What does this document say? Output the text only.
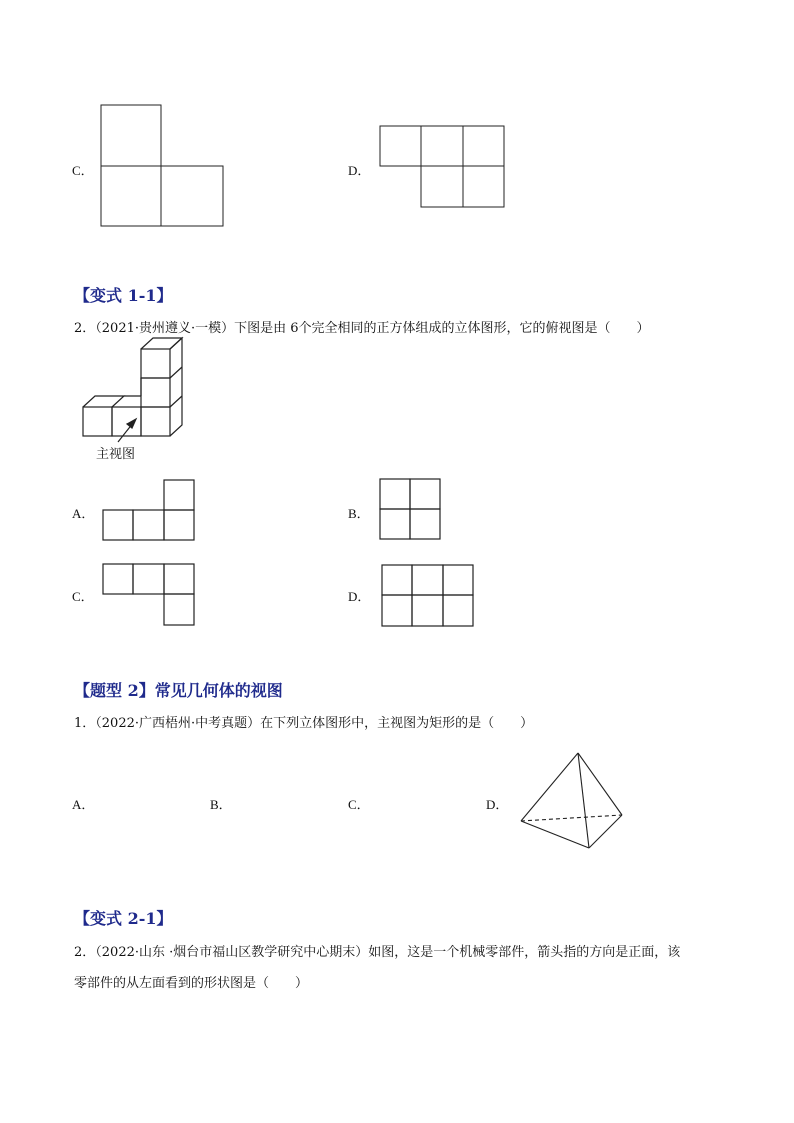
C．	D．
【变式 1-1】
2．（2021·贵州遵义·一模）下图是由 6个完全相同的正方体组成的立体图形，它的俯视图是（　　）
主视图
A．	B．
C．	D．
【题型 2】常见几何体的视图
1．（2022·广西梧州·中考真题）在下列立体图形中，主视图为矩形的是（　　）
A．	B．	C．	D．
【变式 2-1】
2．（2022·山东 ·烟台市福山区教学研究中心期末）如图，这是一个机械零部件，箭头指的方向是正面，该
零部件的从左面看到的形状图是（　　）
